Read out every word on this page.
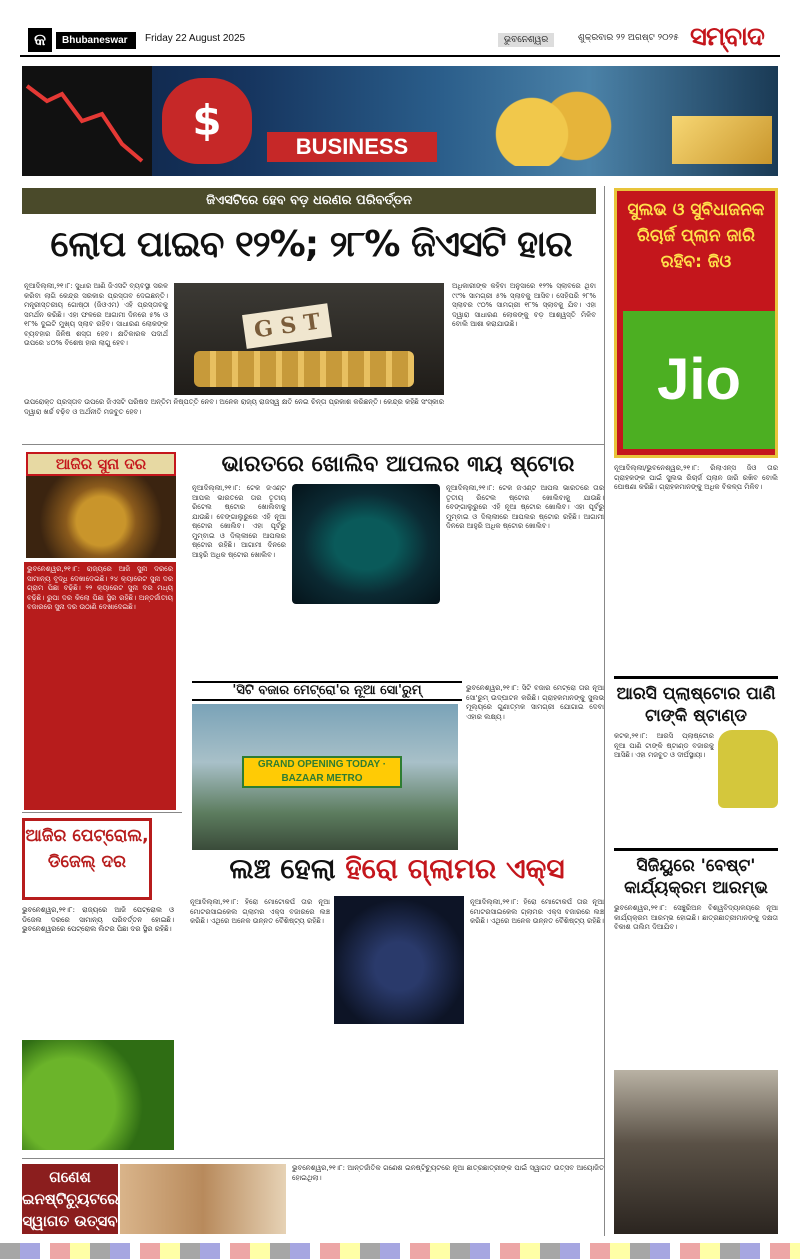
କ	Bhubaneswar	Friday 22 August 2025	ଭୁବନେଶ୍ୱର	ଶୁକ୍ରବାର ୨୨ ଅଗଷ୍ଟ ୨୦୨୫ ସମ୍ବାଦ
$
BUSINESS
ଜିଏସଟିରେ ହେବ ବଡ଼ ଧରଣର ପରିବର୍ତ୍ତନ
ଲୋପ ପାଇବ ୧୨%; ୨୮% ଜିଏସଟି ହାର
ନୂଆଦିଲ୍ଲୀ,୨୧।୮: ସୁଧାର ଆଣି ଜିଏସଟି ବ୍ୟବସ୍ଥା ସରଳ କରିବା ଲାଗି କେନ୍ଦ୍ର ସରକାର ପ୍ରସ୍ତାବ ଦେଇଛନ୍ତି। ମନ୍ତ୍ରୀସ୍ତରୀୟ ଗୋଷ୍ଠୀ (ଜିଓଏମ) ଏହି ପ୍ରସ୍ତାବକୁ ସମର୍ଥନ କରିଛି। ଏହା ଫଳରେ ଆଗାମୀ ଦିନରେ ୫% ଓ ୧୮% ଦୁଇଟି ମୁଖ୍ୟ ସ୍ଲାବ ରହିବ। ସାଧାରଣ ଲୋକଙ୍କ ବ୍ୟବହାର ଜିନିଷ ଶସ୍ତା ହେବ। କ୍ଷତିକାରକ ପଦାର୍ଥ ଉପରେ ୪୦% ବିଶେଷ ହାର ଲାଗୁ ହେବ।
G S T
ଅଧିକାରୀଙ୍କ କହିବା ଅନୁସାରେ ୧୨% ସ୍ଲାବରେ ଥିବା ୯୯% ସାମଗ୍ରୀ ୫% ସ୍ଲାବକୁ ଆସିବ। ସେହିପରି ୨୮% ସ୍ଲାବର ୯୦% ସାମଗ୍ରୀ ୧୮% ସ୍ଲାବକୁ ଯିବ। ଏହା ଦ୍ୱାରା ସାଧାରଣ ଲୋକଙ୍କୁ ବଡ଼ ଆଶ୍ୱସ୍ତି ମିଳିବ ବୋଲି ଆଶା କରାଯାଉଛି।
ଉପରୋକ୍ତ ପ୍ରସ୍ତାବ ଉପରେ ଜିଏସଟି ପରିଷଦ ଅନ୍ତିମ ନିଷ୍ପତ୍ତି ନେବ। ଅନେକ ରାଜ୍ୟ ରାଜସ୍ୱ କ୍ଷତି ନେଇ ଚିନ୍ତା ପ୍ରକାଶ କରିଛନ୍ତି। କେନ୍ଦ୍ର କହିଛି ସଂସ୍କାର ଦ୍ୱାରା ଖର୍ଚ୍ଚ ବଢ଼ିବ ଓ ଅର୍ଥନୀତି ମଜବୁତ ହେବ।
ସୁଲଭ ଓ ସୁବିଧାଜନକ ରିଚାର୍ଜ ପ୍ଲାନ ଜାରି ରହିବ: ଜିଓ
Jio
ନୂଆଦିଲ୍ଲୀ/ଭୁବନେଶ୍ୱର,୨୧।୮: ରିଲାଏନ୍ସ ଜିଓ ତାର ଗ୍ରାହକଙ୍କ ପାଇଁ ସୁଲଭ ରିଚାର୍ଜ ପ୍ଲାନ ଜାରି ରଖିବ ବୋଲି ଘୋଷଣା କରିଛି। ଗ୍ରାହକମାନଙ୍କୁ ଅଧିକ ବିକଳ୍ପ ମିଳିବ।
ଆଜିର ସୁନା ଦର
ଭୁବନେଶ୍ୱର,୨୧।୮: ରାଜ୍ୟରେ ଆଜି ସୁନା ଦରରେ ସାମାନ୍ୟ ବୃଦ୍ଧି ଦେଖାଦେଇଛି। ୨୪ କ୍ୟାରେଟ ସୁନା ଦର ଗ୍ରାମ ପିଛା ବଢ଼ିଛି। ୨୨ କ୍ୟାରେଟ ସୁନା ଦର ମଧ୍ୟ ବଢ଼ିଛି। ରୁପା ଦର କିଲୋ ପିଛା ସ୍ଥିର ରହିଛି। ଅନ୍ତର୍ଜାତୀୟ ବଜାରରେ ସୁନା ଦର ଉଠାଣି ଦେଖାଦେଇଛି।
ଭାରତରେ ଖୋଲିବ ଆପଲର ୩ୟ ଷ୍ଟୋର
ନୂଆଦିଲ୍ଲୀ,୨୧।୮: ଟେକ ଜଏଣ୍ଟ ଆପଲ ଭାରତରେ ତାର ତୃତୀୟ ରିଟେଲ ଷ୍ଟୋର ଖୋଲିବାକୁ ଯାଉଛି। ବେଙ୍ଗାଲୁରୁରେ ଏହି ନୂଆ ଷ୍ଟୋର ଖୋଲିବ। ଏହା ପୂର୍ବରୁ ମୁମ୍ବାଇ ଓ ଦିଲ୍ଲୀରେ ଆପଲର ଷ୍ଟୋର ରହିଛି। ଆଗାମୀ ଦିନରେ ଆହୁରି ଅଧିକ ଷ୍ଟୋର ଖୋଲିବ।
ନୂଆଦିଲ୍ଲୀ,୨୧।୮: ଟେକ ଜଏଣ୍ଟ ଆପଲ ଭାରତରେ ତାର ତୃତୀୟ ରିଟେଲ ଷ୍ଟୋର ଖୋଲିବାକୁ ଯାଉଛି। ବେଙ୍ଗାଲୁରୁରେ ଏହି ନୂଆ ଷ୍ଟୋର ଖୋଲିବ। ଏହା ପୂର୍ବରୁ ମୁମ୍ବାଇ ଓ ଦିଲ୍ଲୀରେ ଆପଲର ଷ୍ଟୋର ରହିଛି। ଆଗାମୀ ଦିନରେ ଆହୁରି ଅଧିକ ଷ୍ଟୋର ଖୋଲିବ।
'ସିଟି ବଜାର ମେଟ୍ରୋ'ର ନୂଆ ସୋ'ରୁମ୍
GRAND OPENING TODAY · BAZAAR METRO
ଭୁବନେଶ୍ୱର,୨୧।୮: ସିଟି ବଜାର ମେଟ୍ରୋ ତାର ନୂଆ ସୋ'ରୁମ୍ ଉଦ୍‌ଘାଟନ କରିଛି। ଗ୍ରାହକମାନଙ୍କୁ ସୁଲଭ ମୂଲ୍ୟରେ ଗୁଣାତ୍ମକ ସାମଗ୍ରୀ ଯୋଗାଇ ଦେବା ଏହାର ଲକ୍ଷ୍ୟ।
ଆରସି ପ୍ଲାଷ୍ଟୋର ପାଣି ଟାଙ୍କି ଷ୍ଟାଣ୍ଡ
କଟକ,୨୧।୮: ଆରସି ପ୍ଲାଷ୍ଟୋର ନୂଆ ପାଣି ଟାଙ୍କି ଷ୍ଟାଣ୍ଡ ବଜାରକୁ ଆସିଛି। ଏହା ମଜବୁତ ଓ ଦୀର୍ଘସ୍ଥାୟୀ।
ସିଜିୟୁରେ 'ବେଷ୍ଟ' କାର୍ଯ୍ୟକ୍ରମ ଆରମ୍ଭ
ଭୁବନେଶ୍ୱର,୨୧।୮: ସେଞ୍ଚୁରିଅନ ବିଶ୍ୱବିଦ୍ୟାଳୟରେ ନୂଆ କାର୍ଯ୍ୟକ୍ରମ ଆରମ୍ଭ ହୋଇଛି। ଛାତ୍ରଛାତ୍ରୀମାନଙ୍କୁ ଦକ୍ଷତା ବିକାଶ ତାଲିମ ଦିଆଯିବ।
ଆଜିର ପେଟ୍ରୋଲ, ଡିଜେଲ୍ ଦର
ଭୁବନେଶ୍ୱର,୨୧।୮: ରାଜ୍ୟରେ ଆଜି ପେଟ୍ରୋଲ ଓ ଡିଜେଲ ଦରରେ ସାମାନ୍ୟ ପରିବର୍ତ୍ତନ ହୋଇଛି। ଭୁବନେଶ୍ୱରରେ ପେଟ୍ରୋଲ ଲିଟର ପିଛା ଦର ସ୍ଥିର ରହିଛି।
ଲଞ୍ଚ ହେଲା ହିରୋ ଗ୍ଲାମର ଏକ୍ସ
ନୂଆଦିଲ୍ଲୀ,୨୧।୮: ହିରୋ ମୋଟୋକର୍ପ ତାର ନୂଆ ମୋଟରସାଇକେଲ ଗ୍ଲାମର ଏକ୍ସ ବଜାରରେ ଲଞ୍ଚ କରିଛି। ଏଥିରେ ଅନେକ ଉନ୍ନତ ବୈଶିଷ୍ଟ୍ୟ ରହିଛି।
ନୂଆଦିଲ୍ଲୀ,୨୧।୮: ହିରୋ ମୋଟୋକର୍ପ ତାର ନୂଆ ମୋଟରସାଇକେଲ ଗ୍ଲାମର ଏକ୍ସ ବଜାରରେ ଲଞ୍ଚ କରିଛି। ଏଥିରେ ଅନେକ ଉନ୍ନତ ବୈଶିଷ୍ଟ୍ୟ ରହିଛି।
ଗଣେଶ ଇନଷ୍ଟିଚ୍ୟୁଟରେ ସ୍ୱାଗତ ଉତ୍ସବ
ଭୁବନେଶ୍ୱର,୨୧।୮: ଆନ୍ତର୍ଜାତିକ ଗଣେଶ ଇନଷ୍ଟିଚ୍ୟୁଟରେ ନୂଆ ଛାତ୍ରଛାତ୍ରୀଙ୍କ ପାଇଁ ସ୍ୱାଗତ ଉତ୍ସବ ଆୟୋଜିତ ହୋଇଥିଲା।
